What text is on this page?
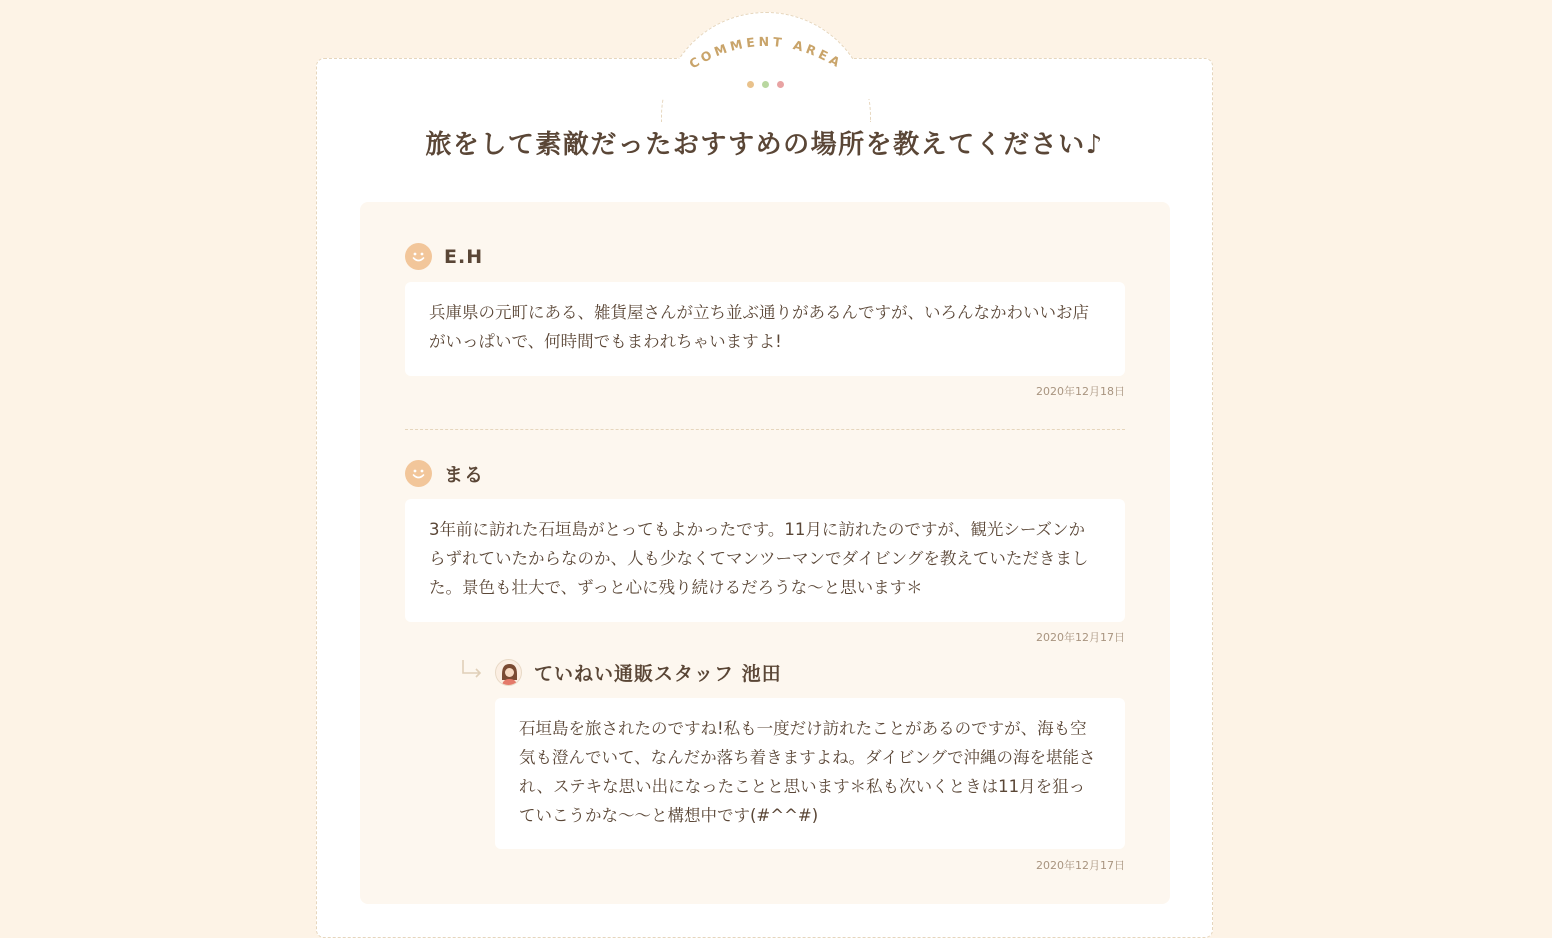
COMMENT AREA
旅をして素敵だったおすすめの場所を教えてください♪
E.H
兵庫県の元町にある、雑貨屋さんが立ち並ぶ通りがあるんですが、いろんなかわいいお店がいっぱいで、何時間でもまわれちゃいますよ!
2020年12月18日
まる
3年前に訪れた石垣島がとってもよかったです。11月に訪れたのですが、観光シーズンからずれていたからなのか、人も少なくてマンツーマンでダイビングを教えていただきました。景色も壮大で、ずっと心に残り続けるだろうな〜と思います＊
2020年12月17日
ていねい通販スタッフ 池田
石垣島を旅されたのですね!私も一度だけ訪れたことがあるのですが、海も空気も澄んでいて、なんだか落ち着きますよね。ダイビングで沖縄の海を堪能され、ステキな思い出になったことと思います＊私も次いくときは11月を狙っていこうかな〜〜と構想中です(#^^#)
2020年12月17日
